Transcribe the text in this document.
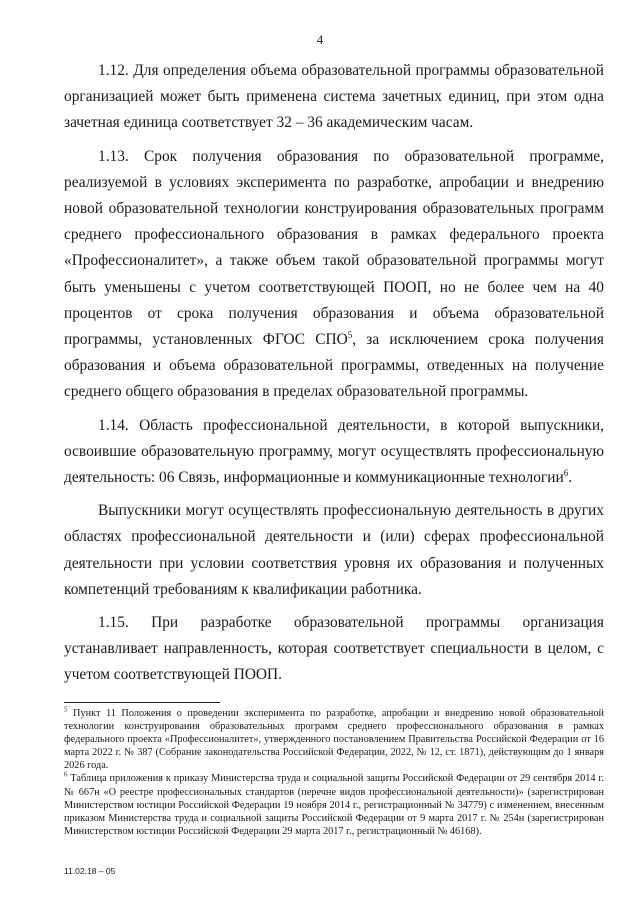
4

1.12. Для определения объема образовательной программы образовательной организацией может быть применена система зачетных единиц, при этом одна зачетная единица соответствует 32 – 36 академическим часам.

1.13. Срок получения образования по образовательной программе, реализуемой в условиях эксперимента по разработке, апробации и внедрению новой образовательной технологии конструирования образовательных программ среднего профессионального образования в рамках федерального проекта «Профессионалитет», а также объем такой образовательной программы могут быть уменьшены с учетом соответствующей ПООП, но не более чем на 40 процентов от срока получения образования и объема образовательной программы, установленных ФГОС СПО$^5$, за исключением срока получения образования и объема образовательной программы, отведенных на получение среднего общего образования в пределах образовательной программы.

1.14. Область профессиональной деятельности, в которой выпускники, освоившие образовательную программу, могут осуществлять профессиональную деятельность: 06 Связь, информационные и коммуникационные технологии$^6$.

Выпускники могут осуществлять профессиональную деятельность в других областях профессиональной деятельности и (или) сферах профессиональной деятельности при условии соответствия уровня их образования и полученных компетенций требованиям к квалификации работника.

1.15. При разработке образовательной программы организация устанавливает направленность, которая соответствует специальности в целом, с учетом соответствующей ПООП.

$^5$ Пункт 11 Положения о проведении эксперимента по разработке, апробации и внедрению новой образовательной технологии конструирования образовательных программ среднего профессионального образования в рамках федерального проекта «Профессионалитет», утвержденного постановлением Правительства Российской Федерации от 16 марта 2022 г. № 387 (Собрание законодательства Российской Федерации, 2022, № 12, ст. 1871), действующим до 1 января 2026 года.

$^6$ Таблица приложения к приказу Министерства труда и социальной защиты Российской Федерации от 29 сентября 2014 г. № 667н «О реестре профессиональных стандартов (перечне видов профессиональной деятельности)» (зарегистрирован Министерством юстиции Российской Федерации 19 ноября 2014 г., регистрационный № 34779) с изменением, внесенным приказом Министерства труда и социальной защиты Российской Федерации от 9 марта 2017 г. № 254н (зарегистрирован Министерством юстиции Российской Федерации 29 марта 2017 г., регистрационный № 46168).

11.02.18 – 05
